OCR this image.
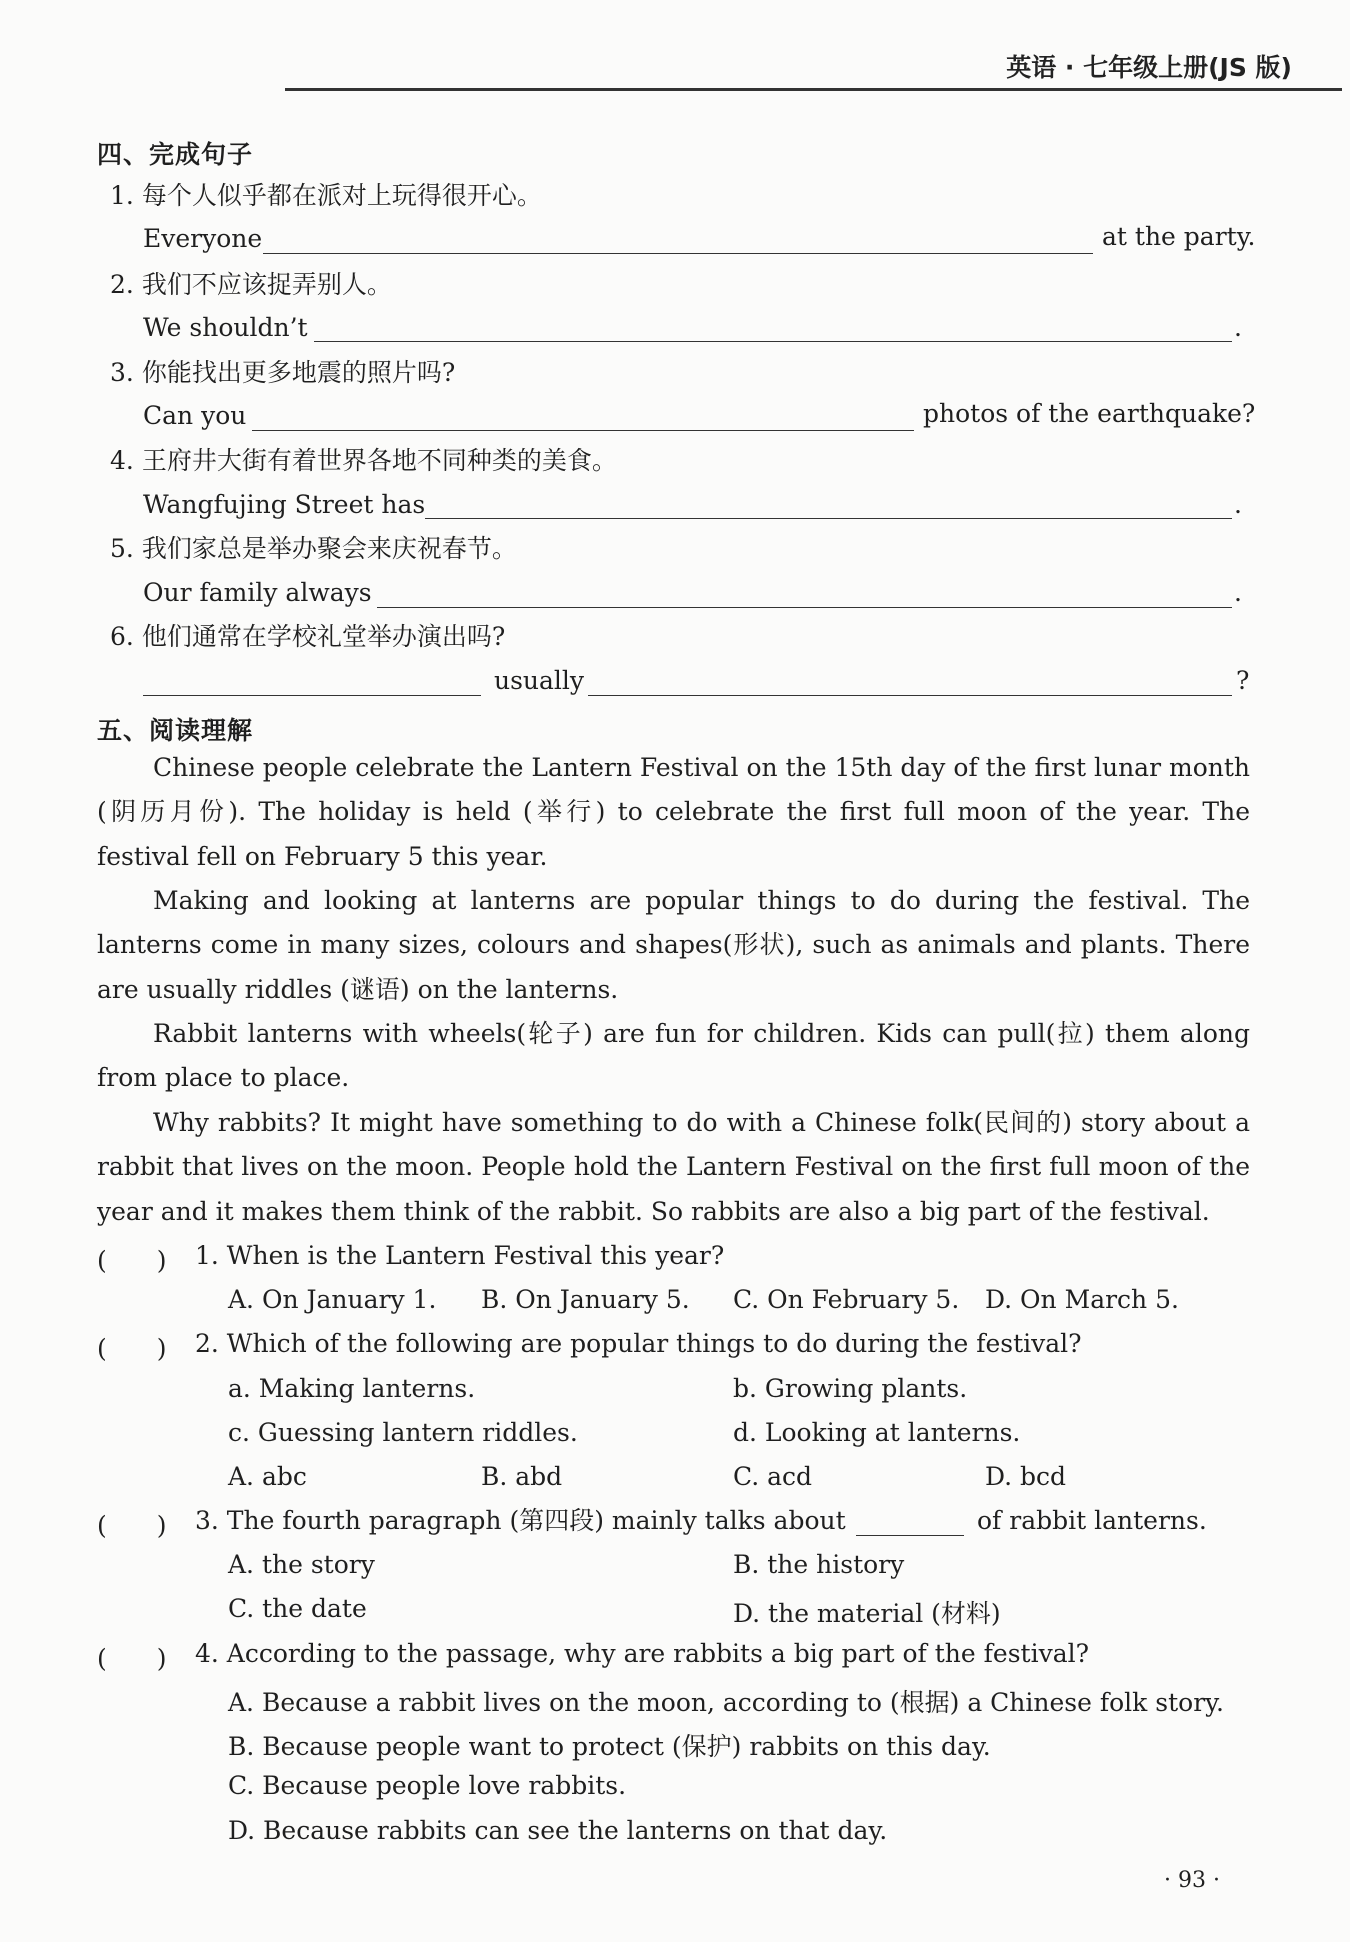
英语 · 七年级上册(JS 版)
四、完成句子
1. 每个人似乎都在派对上玩得很开心。
Everyone	at the party.
2. 我们不应该捉弄别人。
We shouldn’t	.
3. 你能找出更多地震的照片吗?
Can you	photos of the earthquake?
4. 王府井大街有着世界各地不同种类的美食。
Wangfujing Street has	.
5. 我们家总是举办聚会来庆祝春节。
Our family always	.
6. 他们通常在学校礼堂举办演出吗?
usually	?
五、阅读理解
Chinese people celebrate the Lantern Festival on the 15th day of the first lunar month (阴历月份). The holiday is held (举行) to celebrate the first full moon of the year. The festival fell on February 5 this year.
Making and looking at lanterns are popular things to do during the festival. The lanterns come in many sizes, colours and shapes(形状), such as animals and plants. There are usually riddles (谜语) on the lanterns.
Rabbit lanterns with wheels(轮子) are fun for children. Kids can pull(拉) them along from place to place.
Why rabbits? It might have something to do with a Chinese folk(民间的) story about a rabbit that lives on the moon. People hold the Lantern Festival on the first full moon of the year and it makes them think of the rabbit. So rabbits are also a big part of the festival.
(　　) 1. When is the Lantern Festival this year?
A. On January 1. B. On January 5. C. On February 5. D. On March 5.
(　　) 2. Which of the following are popular things to do during the festival?
a. Making lanterns.	b. Growing plants.
c. Guessing lantern riddles.	d. Looking at lanterns.
A. abc	B. abd	C. acd	D. bcd
(　　) 3. The fourth paragraph (第四段) mainly talks about	of rabbit lanterns.
A. the story	B. the history
C. the date	D. the material (材料)
(　　) 4. According to the passage, why are rabbits a big part of the festival?
A. Because a rabbit lives on the moon, according to (根据) a Chinese folk story.
B. Because people want to protect (保护) rabbits on this day.
C. Because people love rabbits.
D. Because rabbits can see the lanterns on that day.
· 93 ·
